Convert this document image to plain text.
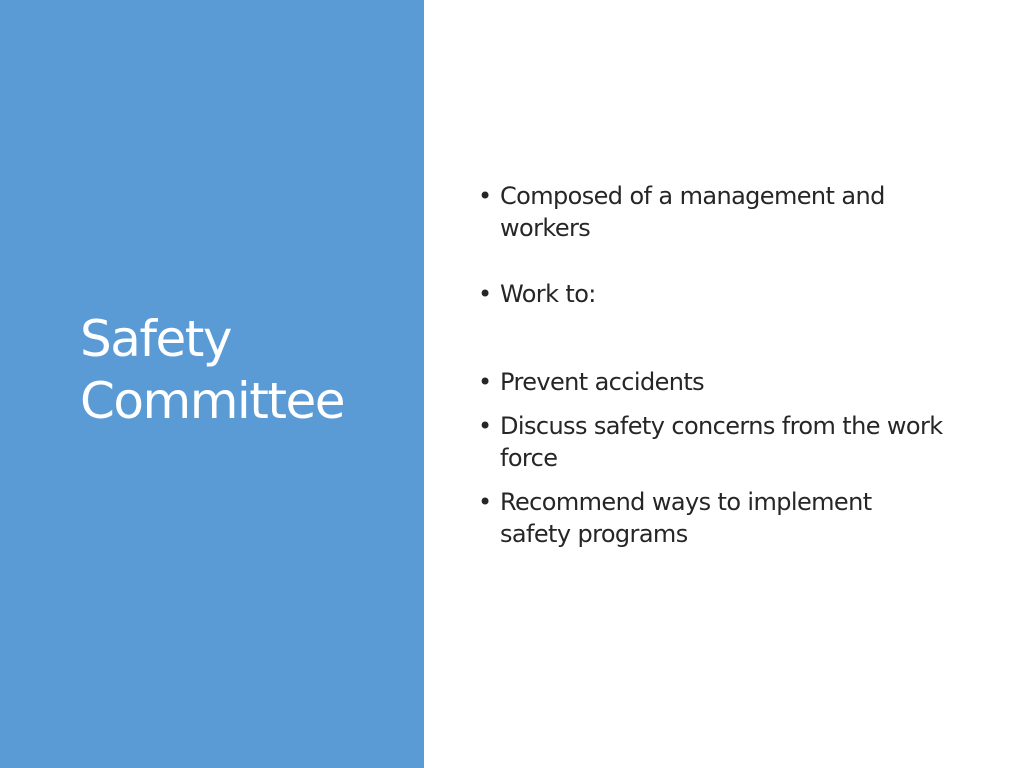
Safety
Committee

• Composed of a management and workers

• Work to:

• Prevent accidents

• Discuss safety concerns from the work force

• Recommend ways to implement safety programs
